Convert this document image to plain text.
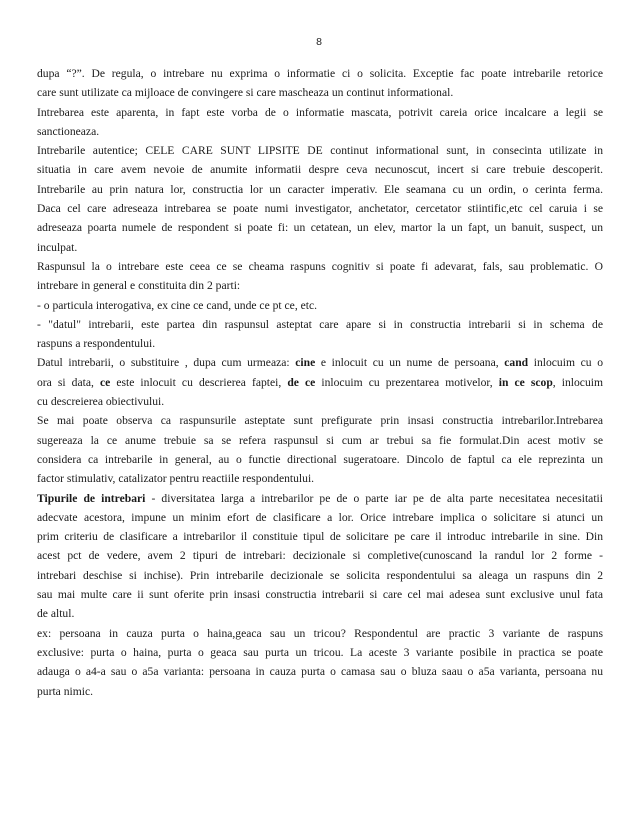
8
dupa “?”. De regula, o intrebare nu exprima o informatie ci o solicita. Exceptie fac poate intrebarile retorice
care sunt utilizate ca mijloace de convingere si care mascheaza un continut informational.
Intrebarea este aparenta, in fapt este vorba de o informatie mascata, potrivit careia orice incalcare a legii se
sanctioneaza.
Intrebarile autentice; CELE CARE SUNT LIPSITE DE continut informational sunt, in consecinta utilizate in
situatia in care avem nevoie de anumite informatii despre ceva necunoscut, incert si care trebuie descoperit.
Intrebarile au prin natura lor, constructia lor un caracter imperativ. Ele seamana cu un ordin, o cerinta ferma.
Daca cel care adreseaza intrebarea se poate numi investigator, anchetator, cercetator stiintific,etc cel caruia i se
adreseaza poarta numele de respondent si poate fi: un cetatean, un elev, martor la un fapt, un banuit, suspect, un
inculpat.
Raspunsul la o intrebare este ceea ce se cheama raspuns cognitiv si poate fi adevarat, fals, sau problematic. O
intrebare in general e constituita din 2 parti:
- o particula interogativa, ex cine ce cand, unde ce pt ce, etc.
- "datul" intrebarii, este partea din raspunsul asteptat care apare si in constructia intrebarii si in schema de
raspuns a respondentului.
Datul intrebarii, o substituire , dupa cum urmeaza: cine e inlocuit cu un nume de persoana, cand inlocuim cu o
ora si data, ce este inlocuit cu descrierea faptei, de ce inlocuim cu prezentarea motivelor, in ce scop, inlocuim
cu descreierea obiectivului.
Se mai poate observa ca raspunsurile asteptate sunt prefigurate prin insasi constructia intrebarilor.Intrebarea
sugereaza la ce anume trebuie sa se refera raspunsul si cum ar trebui sa fie formulat.Din acest motiv se
considera ca intrebarile in general, au o functie directional sugeratoare. Dincolo de faptul ca ele reprezinta un
factor stimulativ, catalizator pentru reactiile respondentului.
Tipurile de intrebari - diversitatea larga a intrebarilor pe de o parte iar pe de alta parte necesitatea necesitatii
adecvate acestora, impune un minim efort de clasificare a lor. Orice intrebare implica o solicitare si atunci un
prim criteriu de clasificare a intrebarilor il constituie tipul de solicitare pe care il introduc intrebarile in sine. Din
acest pct de vedere, avem 2 tipuri de intrebari: decizionale si completive(cunoscand la randul lor 2 forme -
intrebari deschise si inchise). Prin intrebarile decizionale se solicita respondentului sa aleaga un raspuns din 2
sau mai multe care ii sunt oferite prin insasi constructia intrebarii si care cel mai adesea sunt exclusive unul fata
de altul.
ex: persoana in cauza purta o haina,geaca sau un tricou? Respondentul are practic 3 variante de raspuns
exclusive: purta o haina, purta o geaca sau purta un tricou. La aceste 3 variante posibile in practica se poate
adauga o a4-a sau o a5a varianta: persoana in cauza purta o camasa sau o bluza saau o a5a varianta, persoana nu
purta nimic.
